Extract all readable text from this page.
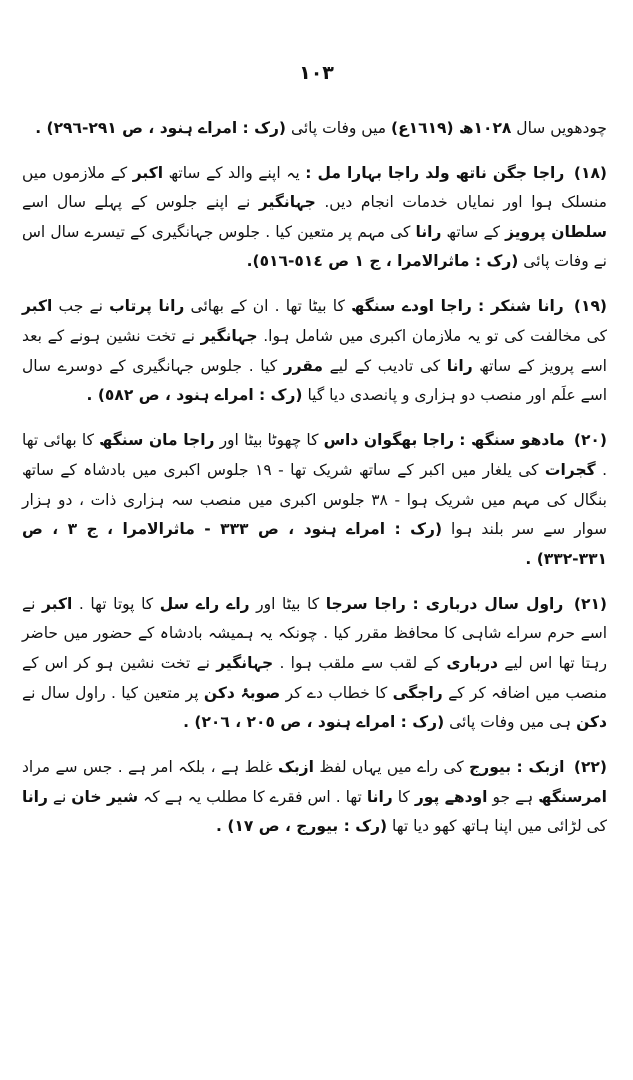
١٠٣

چودھویں سال ١٠٢٨ھ (١٦١٩ع) میں وفات پائی (رک : امراے ہنود ، ص ٢٩١-٢٩٦) .

(١٨) راجا جگن ناتھ ولد راجا بہارا مل : یہ اپنے والد کے ساتھ اکبر کے ملازموں میں منسلک ہوا اور نمایاں خدمات انجام دیں. جہانگیر نے اپنے جلوس کے پہلے سال اسے سلطان پرویز کے ساتھ رانا کی مہم پر متعین کیا . جلوس جہانگیری کے تیسرے سال اس نے وفات پائی (رک : ماثرالامرا ، ج ١ ص ٥١٤-٥١٦).

(١٩) رانا شنکر : راجا اودے سنگھ کا بیٹا تھا . ان کے بھائی رانا پرتاب نے جب اکبر کی مخالفت کی تو یہ ملازمان اکبری میں شامل ہوا. جہانگیر نے تخت نشین ہونے کے بعد اسے پرویز کے ساتھ رانا کی تادیب کے لیے مقرر کیا . جلوس جہانگیری کے دوسرے سال اسے علَم اور منصب دو ہزاری و پانصدی دیا گیا (رک : امراے ہنود ، ص ٥٨٢) .

(٢٠) مادھو سنگھ : راجا بھگوان داس کا چھوٹا بیٹا اور راجا مان سنگھ کا بھائی تھا . گجرات کی یلغار میں اکبر کے ساتھ شریک تھا - ١٩ جلوس اکبری میں بادشاہ کے ساتھ بنگال کی مہم میں شریک ہوا - ٣٨ جلوس اکبری میں منصب سہ ہزاری ذات ، دو ہزار سوار سے سر بلند ہوا (رک : امراے ہنود ، ص ٣٣٣ - ماثرالامرا ، ج ٣ ، ص ٣٣١-٣٣٢) .

(٢١) راول سال درباری : راجا سرجا کا بیٹا اور راے راے سل کا پوتا تھا . اکبر نے اسے حرم سراے شاہی کا محافظ مقرر کیا . چونکہ یہ ہمیشہ بادشاہ کے حضور میں حاضر رہتا تھا اس لیے درباری کے لقب سے ملقب ہوا . جہانگیر نے تخت نشین ہو کر اس کے منصب میں اضافہ کر کے راجگی کا خطاب دے کر صوبۂ دکن پر متعین کیا . راول سال نے دکن ہی میں وفات پائی (رک : امراے ہنود ، ص ٢٠٥ ، ٢٠٦) .

(٢٢) ازبک : بیورج کی راے میں یہاں لفظ ازبک غلط ہے ، بلکہ امر ہے . جس سے مراد امرسنگھ ہے جو اودھے پور کا رانا تھا . اس فقرے کا مطلب یہ ہے کہ شیر خان نے رانا کی لڑائی میں اپنا ہاتھ کھو دیا تھا (رک : بیورج ، ص ١٧) .
